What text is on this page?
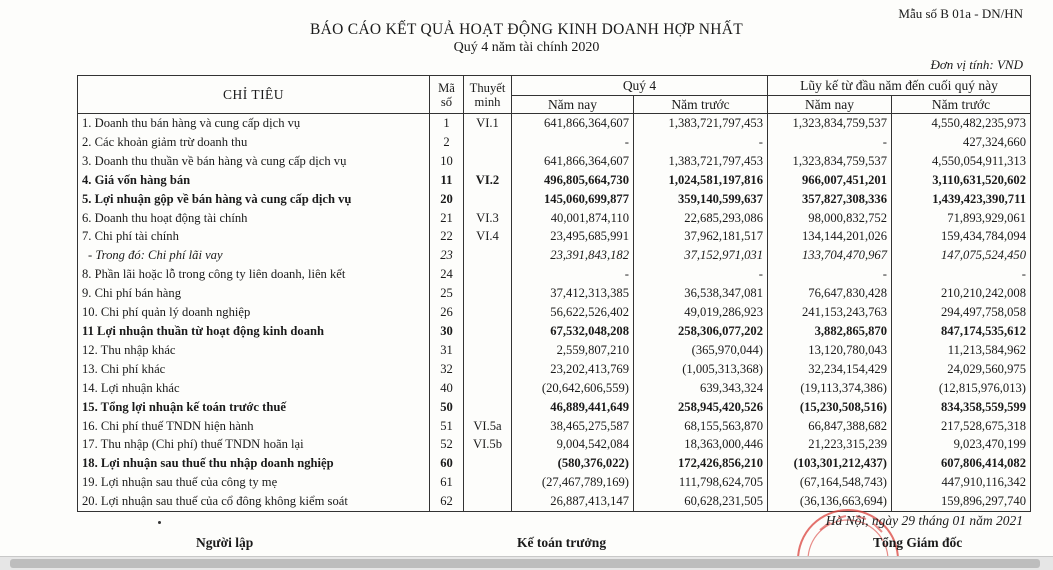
Mẫu số B 01a - DN/HN
BÁO CÁO KẾT QUẢ HOẠT ĐỘNG KINH DOANH HỢP NHẤT
Quý 4 năm tài chính 2020
Đơn vị tính: VND
CHỈ TIÊU	Mã số	Thuyết minh	Quý 4		Lũy kế từ đầu năm đến cuối quý này	
			Năm nay	Năm trước	Năm nay	Năm trước
1. Doanh thu bán hàng và cung cấp dịch vụ	1	VI.1	641,866,364,607	1,383,721,797,453	1,323,834,759,537	4,550,482,235,973
2. Các khoản giảm trừ doanh thu	2		-	-	-	427,324,660
3. Doanh thu thuần về bán hàng và cung cấp dịch vụ	10		641,866,364,607	1,383,721,797,453	1,323,834,759,537	4,550,054,911,313
4. Giá vốn hàng bán	11	VI.2	496,805,664,730	1,024,581,197,816	966,007,451,201	3,110,631,520,602
5. Lợi nhuận gộp về bán hàng và cung cấp dịch vụ	20		145,060,699,877	359,140,599,637	357,827,308,336	1,439,423,390,711
6. Doanh thu hoạt động tài chính	21	VI.3	40,001,874,110	22,685,293,086	98,000,832,752	71,893,929,061
7. Chi phí tài chính	22	VI.4	23,495,685,991	37,962,181,517	134,144,201,026	159,434,784,094
- Trong đó: Chi phí lãi vay	23		23,391,843,182	37,152,971,031	133,704,470,967	147,075,524,450
8. Phần lãi hoặc lỗ trong công ty liên doanh, liên kết	24		-	-	-	-
9. Chi phí bán hàng	25		37,412,313,385	36,538,347,081	76,647,830,428	210,210,242,008
10. Chi phí quản lý doanh nghiệp	26		56,622,526,402	49,019,286,923	241,153,243,763	294,497,758,058
11 Lợi nhuận thuần từ hoạt động kinh doanh	30		67,532,048,208	258,306,077,202	3,882,865,870	847,174,535,612
12. Thu nhập khác	31		2,559,807,210	(365,970,044)	13,120,780,043	11,213,584,962
13. Chi phí khác	32		23,202,413,769	(1,005,313,368)	32,234,154,429	24,029,560,975
14. Lợi nhuận khác	40		(20,642,606,559)	639,343,324	(19,113,374,386)	(12,815,976,013)
15. Tổng lợi nhuận kế toán trước thuế	50		46,889,441,649	258,945,420,526	(15,230,508,516)	834,358,559,599
16. Chi phí thuế TNDN hiện hành	51	VI.5a	38,465,275,587	68,155,563,870	66,847,388,682	217,528,675,318
17. Thu nhập (Chi phí) thuế TNDN hoãn lại	52	VI.5b	9,004,542,084	18,363,000,446	21,223,315,239	9,023,470,199
18. Lợi nhuận sau thuế thu nhập doanh nghiệp	60		(580,376,022)	172,426,856,210	(103,301,212,437)	607,806,414,082
19. Lợi nhuận sau thuế của công ty mẹ	61		(27,467,789,169)	111,798,624,705	(67,164,548,743)	447,910,116,342
20. Lợi nhuận sau thuế của cổ đông không kiểm soát	62		26,887,413,147	60,628,231,505	(36,136,663,694)	159,896,297,740
Hà Nội, ngày 29 tháng 01 năm 2021
Người lập	Kế toán trưởng	Tổng Giám đốc
